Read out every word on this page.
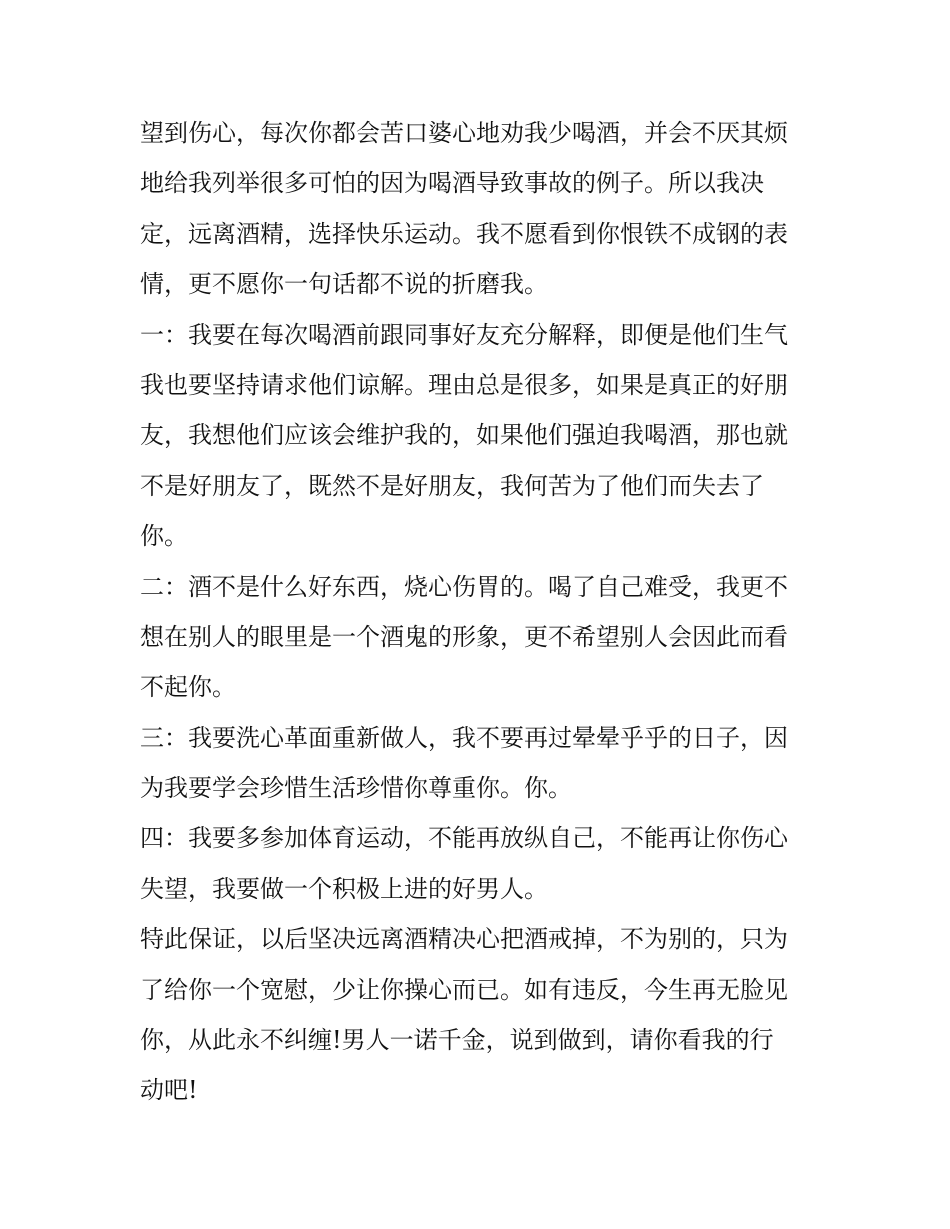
望到伤心，每次你都会苦口婆心地劝我少喝酒，并会不厌其烦
地给我列举很多可怕的因为喝酒导致事故的例子。所以我决
定，远离酒精，选择快乐运动。我不愿看到你恨铁不成钢的表
情，更不愿你一句话都不说的折磨我。
一：我要在每次喝酒前跟同事好友充分解释，即便是他们生气
我也要坚持请求他们谅解。理由总是很多，如果是真正的好朋
友，我想他们应该会维护我的，如果他们强迫我喝酒，那也就
不是好朋友了，既然不是好朋友，我何苦为了他们而失去了
你。
二：酒不是什么好东西，烧心伤胃的。喝了自己难受，我更不
想在别人的眼里是一个酒鬼的形象，更不希望别人会因此而看
不起你。
三：我要洗心革面重新做人，我不要再过晕晕乎乎的日子，因
为我要学会珍惜生活珍惜你尊重你。你。
四：我要多参加体育运动，不能再放纵自己，不能再让你伤心
失望，我要做一个积极上进的好男人。
特此保证，以后坚决远离酒精决心把酒戒掉，不为别的，只为
了给你一个宽慰，少让你操心而已。如有违反，今生再无脸见
你，从此永不纠缠!男人一诺千金，说到做到，请你看我的行
动吧!
